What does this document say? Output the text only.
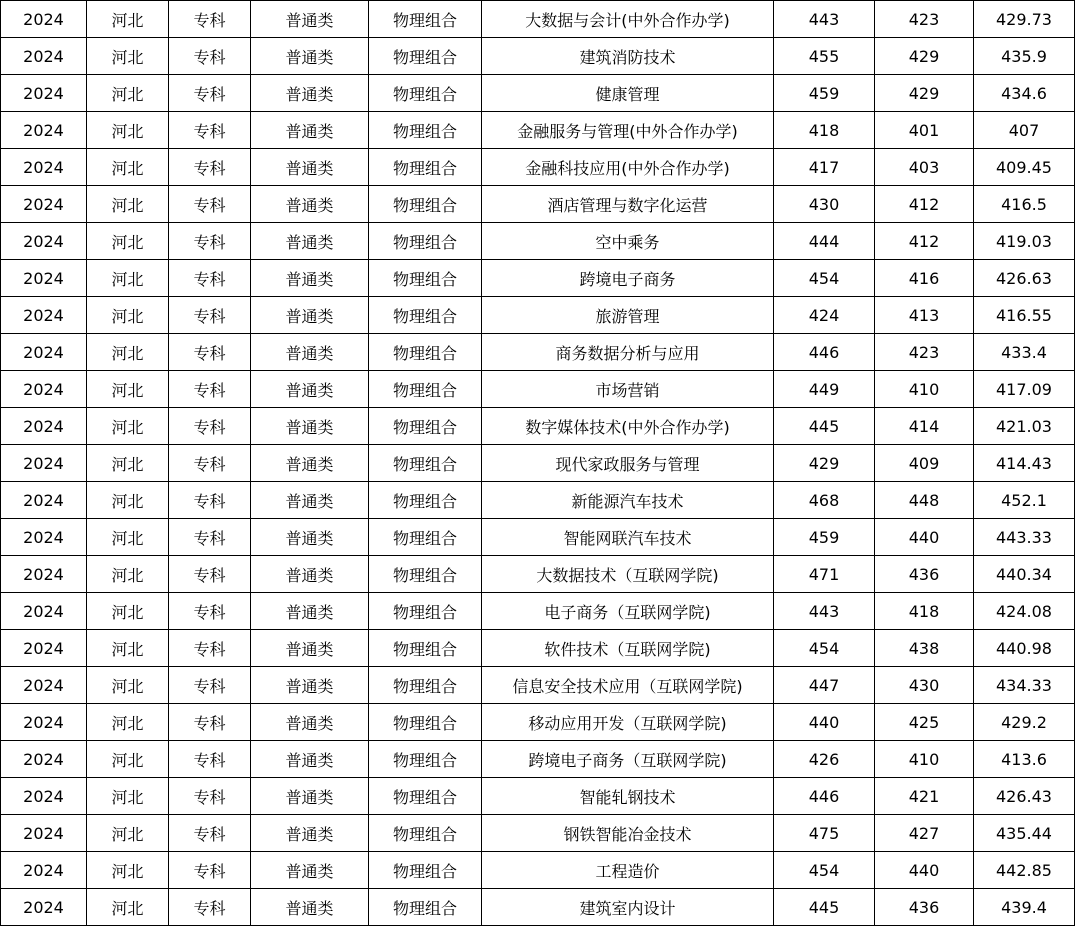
2024	河北	专科	普通类	物理组合	大数据与会计(中外合作办学)	443	423	429.73
2024	河北	专科	普通类	物理组合	建筑消防技术	455	429	435.9
2024	河北	专科	普通类	物理组合	健康管理	459	429	434.6
2024	河北	专科	普通类	物理组合	金融服务与管理(中外合作办学)	418	401	407
2024	河北	专科	普通类	物理组合	金融科技应用(中外合作办学)	417	403	409.45
2024	河北	专科	普通类	物理组合	酒店管理与数字化运营	430	412	416.5
2024	河北	专科	普通类	物理组合	空中乘务	444	412	419.03
2024	河北	专科	普通类	物理组合	跨境电子商务	454	416	426.63
2024	河北	专科	普通类	物理组合	旅游管理	424	413	416.55
2024	河北	专科	普通类	物理组合	商务数据分析与应用	446	423	433.4
2024	河北	专科	普通类	物理组合	市场营销	449	410	417.09
2024	河北	专科	普通类	物理组合	数字媒体技术(中外合作办学)	445	414	421.03
2024	河北	专科	普通类	物理组合	现代家政服务与管理	429	409	414.43
2024	河北	专科	普通类	物理组合	新能源汽车技术	468	448	452.1
2024	河北	专科	普通类	物理组合	智能网联汽车技术	459	440	443.33
2024	河北	专科	普通类	物理组合	大数据技术（互联网学院)	471	436	440.34
2024	河北	专科	普通类	物理组合	电子商务（互联网学院)	443	418	424.08
2024	河北	专科	普通类	物理组合	软件技术（互联网学院)	454	438	440.98
2024	河北	专科	普通类	物理组合	信息安全技术应用（互联网学院)	447	430	434.33
2024	河北	专科	普通类	物理组合	移动应用开发（互联网学院)	440	425	429.2
2024	河北	专科	普通类	物理组合	跨境电子商务（互联网学院)	426	410	413.6
2024	河北	专科	普通类	物理组合	智能轧钢技术	446	421	426.43
2024	河北	专科	普通类	物理组合	钢铁智能冶金技术	475	427	435.44
2024	河北	专科	普通类	物理组合	工程造价	454	440	442.85
2024	河北	专科	普通类	物理组合	建筑室内设计	445	436	439.4
